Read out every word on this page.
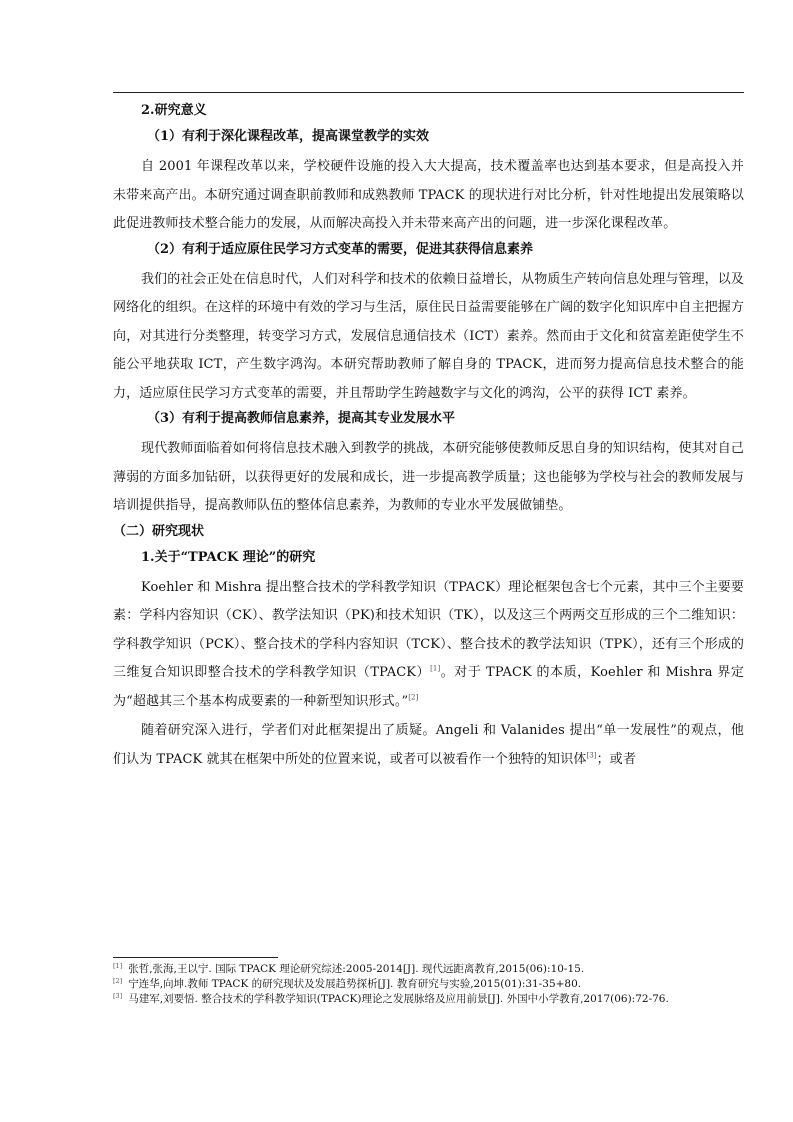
2.研究意义

（1）有利于深化课程改革，提高课堂教学的实效

自 2001 年课程改革以来，学校硬件设施的投入大大提高，技术覆盖率也达到基本要求，但是高投入并未带来高产出。本研究通过调查职前教师和成熟教师 TPACK 的现状进行对比分析，针对性地提出发展策略以此促进教师技术整合能力的发展，从而解决高投入并未带来高产出的问题，进一步深化课程改革。

（2）有利于适应原住民学习方式变革的需要，促进其获得信息素养

我们的社会正处在信息时代，人们对科学和技术的依赖日益增长，从物质生产转向信息处理与管理，以及网络化的组织。在这样的环境中有效的学习与生活，原住民日益需要能够在广阔的数字化知识库中自主把握方向，对其进行分类整理，转变学习方式，发展信息通信技术（ICT）素养。然而由于文化和贫富差距使学生不能公平地获取 ICT，产生数字鸿沟。本研究帮助教师了解自身的 TPACK，进而努力提高信息技术整合的能力，适应原住民学习方式变革的需要，并且帮助学生跨越数字与文化的鸿沟，公平的获得 ICT 素养。

（3）有利于提高教师信息素养，提高其专业发展水平

现代教师面临着如何将信息技术融入到教学的挑战，本研究能够使教师反思自身的知识结构，使其对自己薄弱的方面多加钻研，以获得更好的发展和成长，进一步提高教学质量；这也能够为学校与社会的教师发展与培训提供指导，提高教师队伍的整体信息素养，为教师的专业水平发展做铺垫。

（二）研究现状

1.关于“TPACK 理论”的研究

Koehler 和 Mishra 提出整合技术的学科教学知识（TPACK）理论框架包含七个元素，其中三个主要要素：学科内容知识（CK）、教学法知识（PK)和技术知识（TK），以及这三个两两交互形成的三个二维知识：学科教学知识（PCK）、整合技术的学科内容知识（TCK）、整合技术的教学法知识（TPK），还有三个形成的三维复合知识即整合技术的学科教学知识（TPACK）[1]。对于 TPACK 的本质，Koehler 和 Mishra 界定为“超越其三个基本构成要素的一种新型知识形式。”[2]

随着研究深入进行，学者们对此框架提出了质疑。Angeli 和 Valanides 提出“单一发展性”的观点，他们认为 TPACK 就其在框架中所处的位置来说，或者可以被看作一个独特的知识体[3]；或者

[1] 张哲,张海,王以宁. 国际 TPACK 理论研究综述:2005-2014[J]. 现代远距离教育,2015(06):10-15.

[2] 宁连华,向坤.教师 TPACK 的研究现状及发展趋势探析[J]. 教育研究与实验,2015(01):31-35+80.

[3] 马建军,刘要悟. 整合技术的学科教学知识(TPACK)理论之发展脉络及应用前景[J]. 外国中小学教育,2017(06):72-76.
